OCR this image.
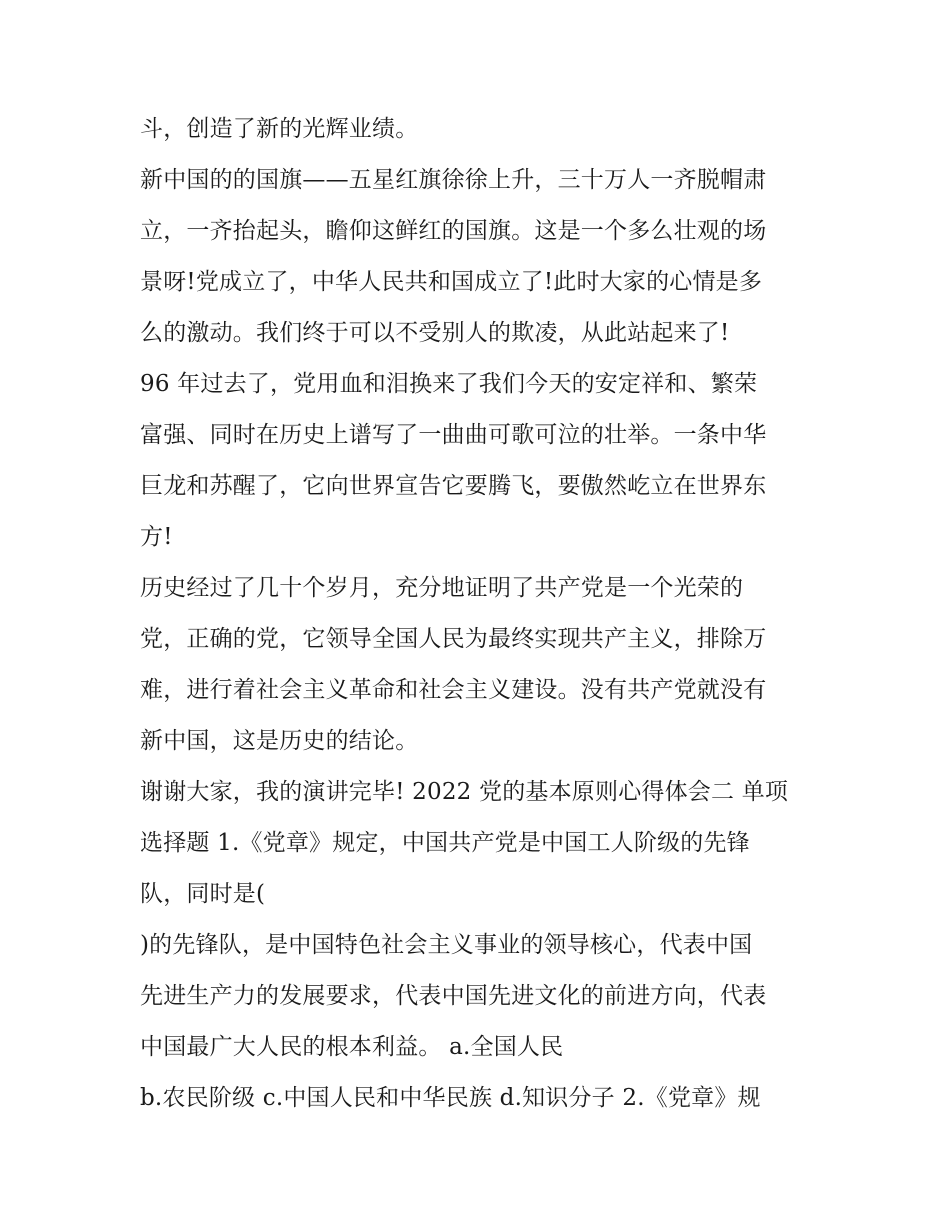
斗，创造了新的光辉业绩。
新中国的的国旗——五星红旗徐徐上升，三十万人一齐脱帽肃
立，一齐抬起头，瞻仰这鲜红的国旗。这是一个多么壮观的场
景呀!党成立了，中华人民共和国成立了!此时大家的心情是多
么的激动。我们终于可以不受别人的欺凌，从此站起来了!
96 年过去了，党用血和泪换来了我们今天的安定祥和、繁荣
富强、同时在历史上谱写了一曲曲可歌可泣的壮举。一条中华
巨龙和苏醒了，它向世界宣告它要腾飞，要傲然屹立在世界东
方!
历史经过了几十个岁月，充分地证明了共产党是一个光荣的
党，正确的党，它领导全国人民为最终实现共产主义，排除万
难，进行着社会主义革命和社会主义建设。没有共产党就没有
新中国，这是历史的结论。
谢谢大家，我的演讲完毕! 2022 党的基本原则心得体会二 单项
选择题 1.《党章》规定，中国共产党是中国工人阶级的先锋
队，同时是(
)的先锋队，是中国特色社会主义事业的领导核心，代表中国
先进生产力的发展要求，代表中国先进文化的前进方向，代表
中国最广大人民的根本利益。 a.全国人民
b.农民阶级 c.中国人民和中华民族 d.知识分子 2.《党章》规
